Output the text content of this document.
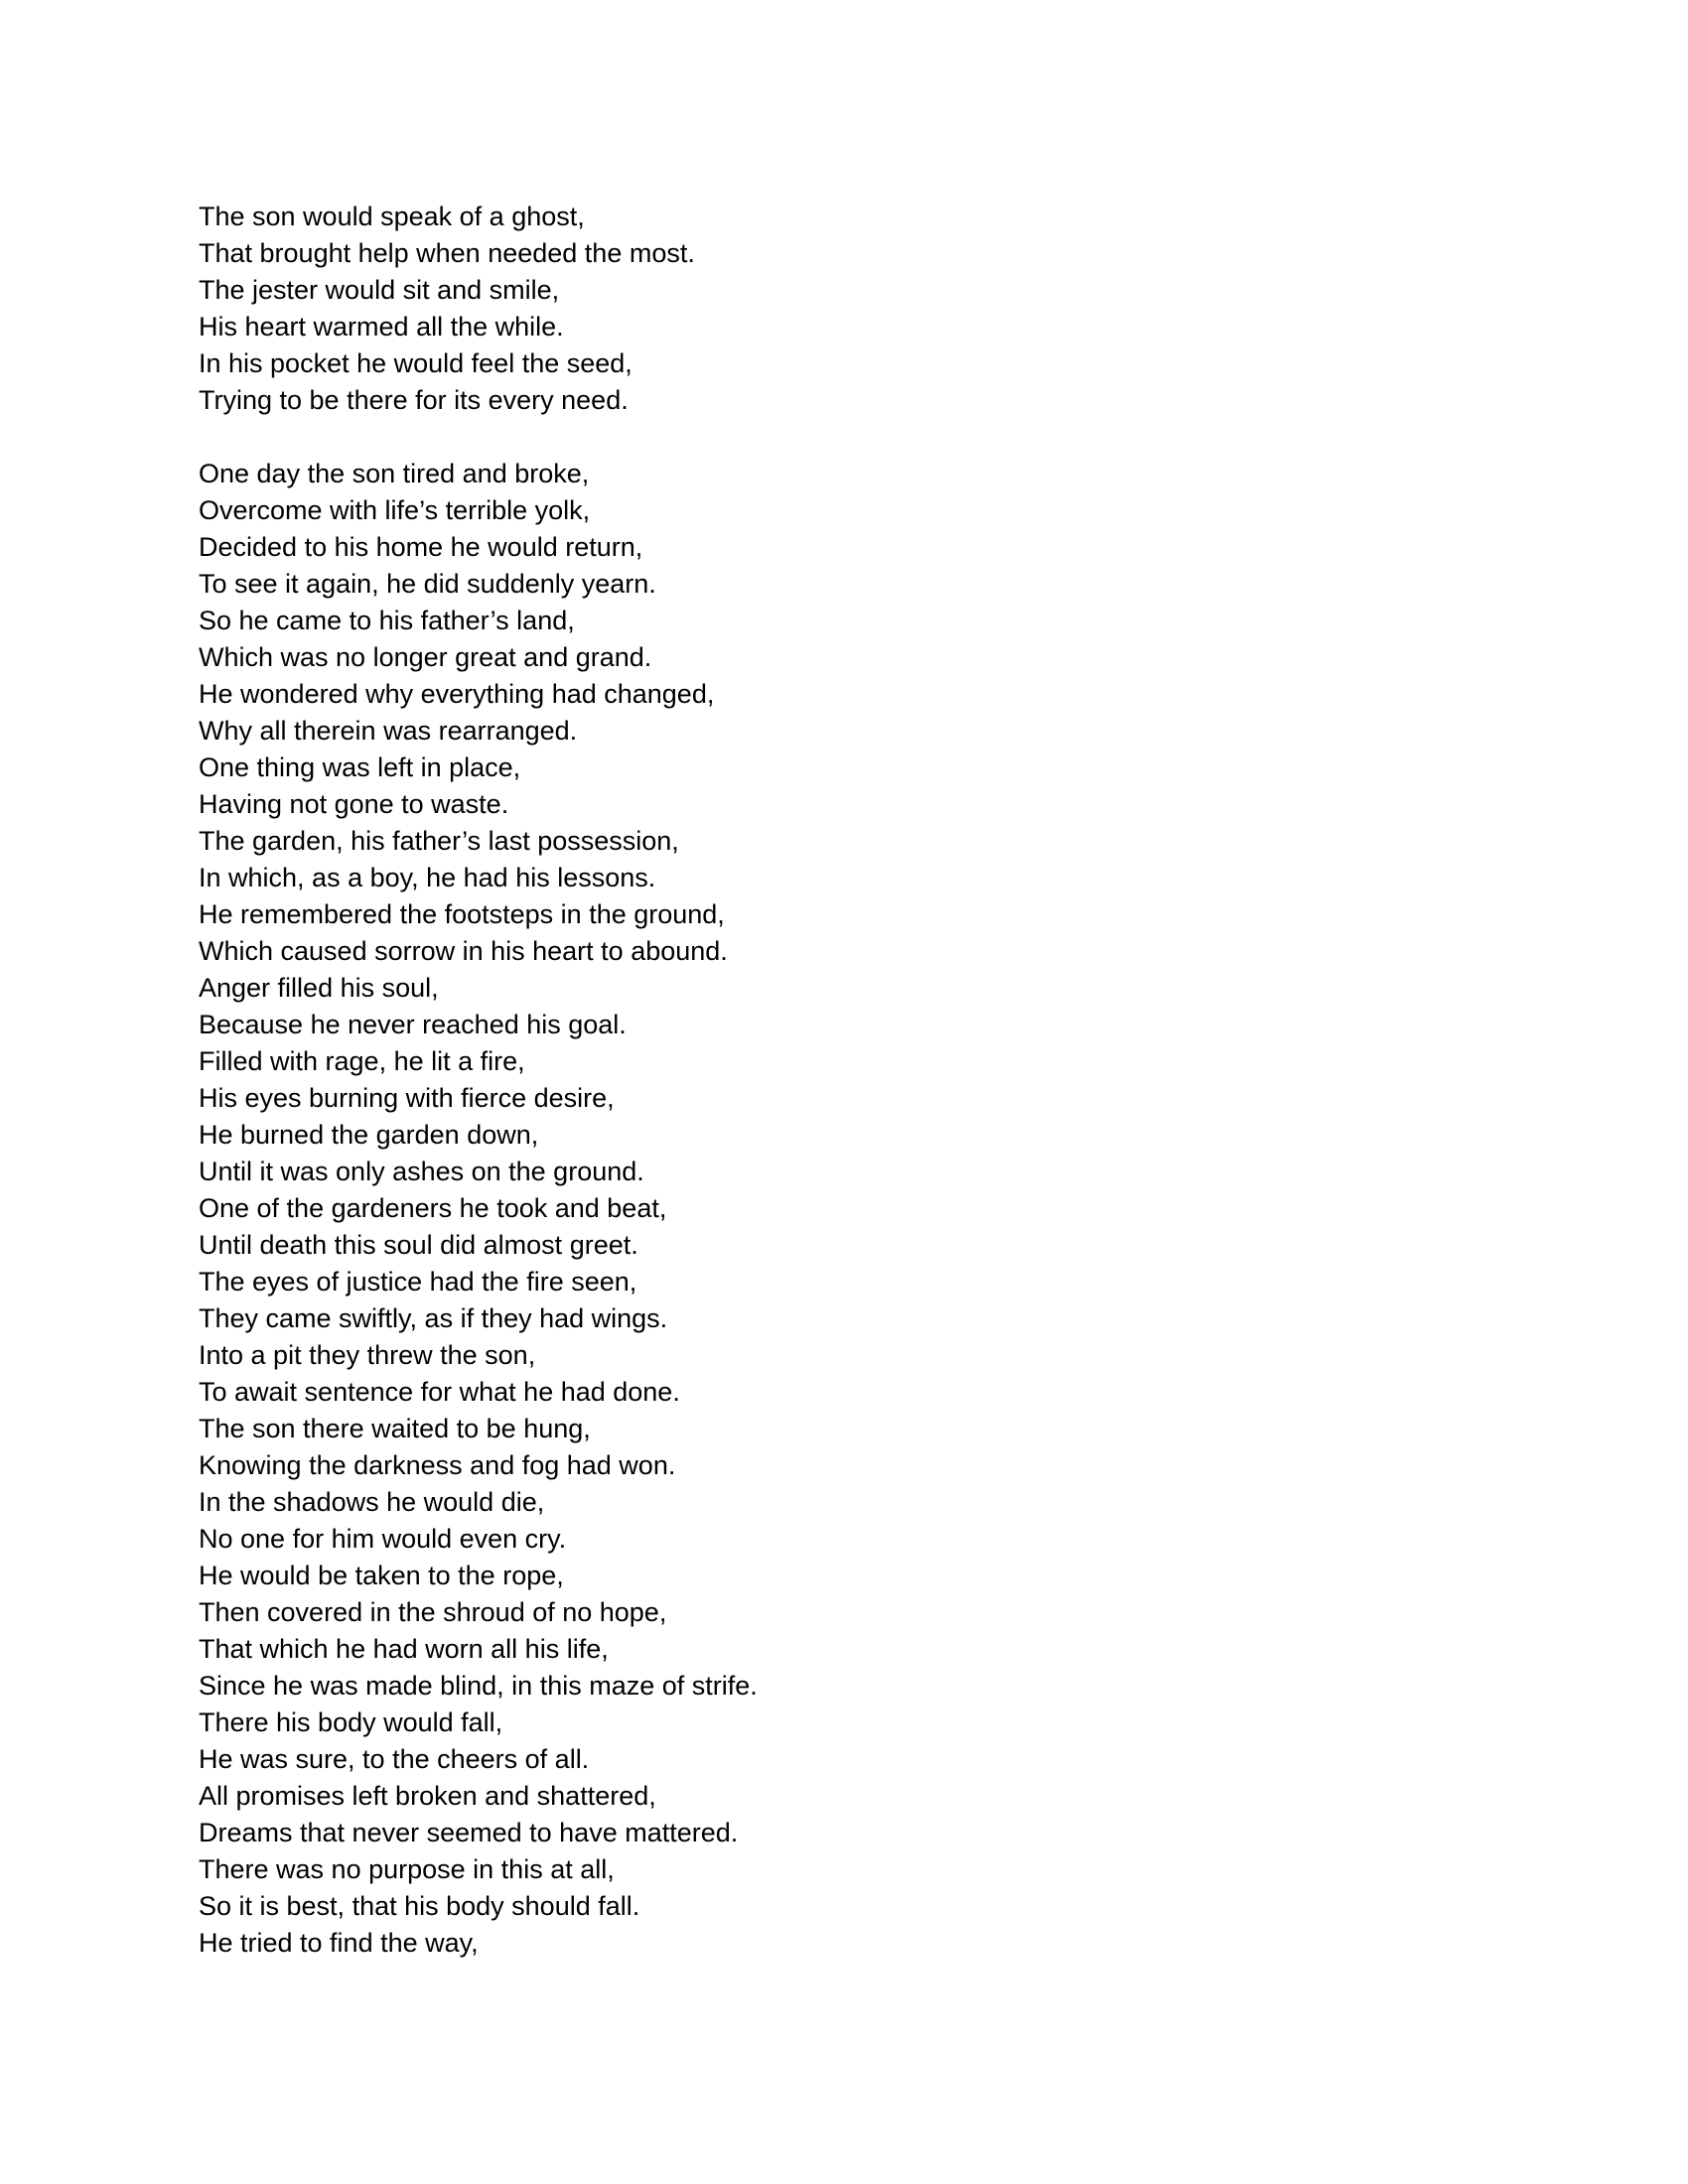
The son would speak of a ghost,
That brought help when needed the most.
The jester would sit and smile,
His heart warmed all the while.
In his pocket he would feel the seed,
Trying to be there for its every need.
One day the son tired and broke,
Overcome with life’s terrible yolk,
Decided to his home he would return,
To see it again, he did suddenly yearn.
So he came to his father’s land,
Which was no longer great and grand.
He wondered why everything had changed,
Why all therein was rearranged.
One thing was left in place,
Having not gone to waste.
The garden, his father’s last possession,
In which, as a boy, he had his lessons.
He remembered the footsteps in the ground,
Which caused sorrow in his heart to abound.
Anger filled his soul,
Because he never reached his goal.
Filled with rage, he lit a fire,
His eyes burning with fierce desire,
He burned the garden down,
Until it was only ashes on the ground.
One of the gardeners he took and beat,
Until death this soul did almost greet.
The eyes of justice had the fire seen,
They came swiftly, as if they had wings.
Into a pit they threw the son,
To await sentence for what he had done.
The son there waited to be hung,
Knowing the darkness and fog had won.
In the shadows he would die,
No one for him would even cry.
He would be taken to the rope,
Then covered in the shroud of no hope,
That which he had worn all his life,
Since he was made blind, in this maze of strife.
There his body would fall,
He was sure, to the cheers of all.
All promises left broken and shattered,
Dreams that never seemed to have mattered.
There was no purpose in this at all,
So it is best, that his body should fall.
He tried to find the way,
